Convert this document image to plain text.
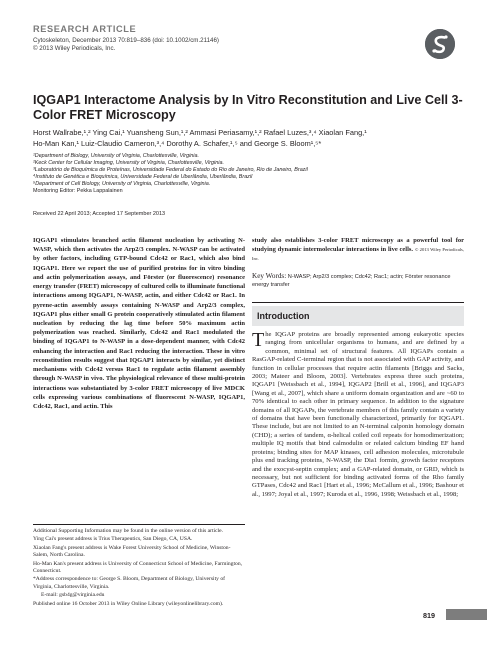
RESEARCH ARTICLE
Cytoskeleton, December 2013 70:819–836 (doi: 10.1002/cm.21146)
© 2013 Wiley Periodicals, Inc.
IQGAP1 Interactome Analysis by In Vitro Reconstitution and Live Cell 3-Color FRET Microscopy
Horst Wallrabe,¹,² Ying Cai,¹ Yuansheng Sun,¹,² Ammasi Periasamy,¹,² Rafael Luzes,³,⁴ Xiaolan Fang,¹
Ho-Man Kan,¹ Luiz-Claudio Cameron,³,⁴ Dorothy A. Schafer,¹,⁵ and George S. Bloom¹,⁵*
¹Department of Biology, University of Virginia, Charlottesville, Virginia.
²Keck Center for Cellular Imaging, University of Virginia, Charlottesville, Virginia.
³Laboratório de Bioquímica de Proteínas, Universidade Federal do Estado do Rio de Janeiro, Rio de Janeiro, Brazil
⁴Instituto de Genética e Bioquímica, Universidade Federal de Uberlândia, Uberlândia, Brazil
⁵Department of Cell Biology, University of Virginia, Charlottesville, Virginia.
Monitoring Editor: Pekka Lappalainen
Received 22 April 2013; Accepted 17 September 2013

IQGAP1 stimulates branched actin filament nucleation by activating N-WASP, which then activates the Arp2/3 complex. N-WASP can be activated by other factors, including GTP-bound Cdc42 or Rac1, which also bind IQGAP1. Here we report the use of purified proteins for in vitro binding and actin polymerization assays, and Förster (or fluorescence) resonance energy transfer (FRET) microscopy of cultured cells to illuminate functional interactions among IQGAP1, N-WASP, actin, and either Cdc42 or Rac1. In pyrene-actin assembly assays containing N-WASP and Arp2/3 complex, IQGAP1 plus either small G protein cooperatively stimulated actin filament nucleation by reducing the lag time before 50% maximum actin polymerization was reached. Similarly, Cdc42 and Rac1 modulated the binding of IQGAP1 to N-WASP in a dose-dependent manner, with Cdc42 enhancing the interaction and Rac1 reducing the interaction. These in vitro reconstitution results suggest that IQGAP1 interacts by similar, yet distinct mechanisms with Cdc42 versus Rac1 to regulate actin filament assembly through N-WASP in vivo. The physiological relevance of these multi-protein interactions was substantiated by 3-color FRET microscopy of live MDCK cells expressing various combinations of fluorescent N-WASP, IQGAP1, Cdc42, Rac1, and actin. This

Additional Supporting Information may be found in the online version of this article.
Ying Cai's present address is Trius Therapeutics, San Diego, CA, USA.
Xiaolan Fang's present address is Wake Forest University School of Medicine, Winston-Salem, North Carolina.
Ho-Man Kan's present address is University of Connecticut School of Medicine, Farmington, Connecticut.
*Address correspondence to: George S. Bloom, Department of Biology, University of Virginia, Charlottesville, Virginia.
E-mail: gsb4g@virginia.edu
Published online 16 October 2013 in Wiley Online Library (wileyonlinelibrary.com).

study also establishes 3-color FRET microscopy as a powerful tool for studying dynamic intermolecular interactions in live cells. © 2013 Wiley Periodicals, Inc.

Key Words: N-WASP; Arp2/3 complex; Cdc42; Rac1; actin; Förster resonance energy transfer
Introduction

The IQGAP proteins are broadly represented among eukaryotic species ranging from unicellular organisms to humans, and are defined by a common, minimal set of structural features. All IQGAPs contain a RasGAP-related C-terminal region that is not associated with GAP activity, and function in cellular processes that require actin filaments [Briggs and Sacks, 2003; Mateer and Bloom, 2003]. Vertebrates express three such proteins, IQGAP1 [Weissbach et al., 1994], IQGAP2 [Brill et al., 1996], and IQGAP3 [Wang et al., 2007], which share a uniform domain organization and are ~60 to 70% identical to each other in primary sequence. In addition to the signature domains of all IQGAPs, the vertebrate members of this family contain a variety of domains that have been functionally characterized, primarily for IQGAP1. These include, but are not limited to an N-terminal calponin homology domain (CHD); a series of tandem, α-helical coiled coil repeats for homodimerization; multiple IQ motifs that bind calmodulin or related calcium binding EF hand proteins; binding sites for MAP kinases, cell adhesion molecules, microtubule plus end tracking proteins, N-WASP, the Dia1 formin, growth factor receptors and the exocyst-septin complex; and a GAP-related domain, or GRD, which is necessary, but not sufficient for binding activated forms of the Rho family GTPases, Cdc42 and Rac1 [Hart et al., 1996; McCallum et al., 1996; Bashour et al., 1997; Joyal et al., 1997; Kuroda et al., 1996, 1998; Weissbach et al., 1998;

819
